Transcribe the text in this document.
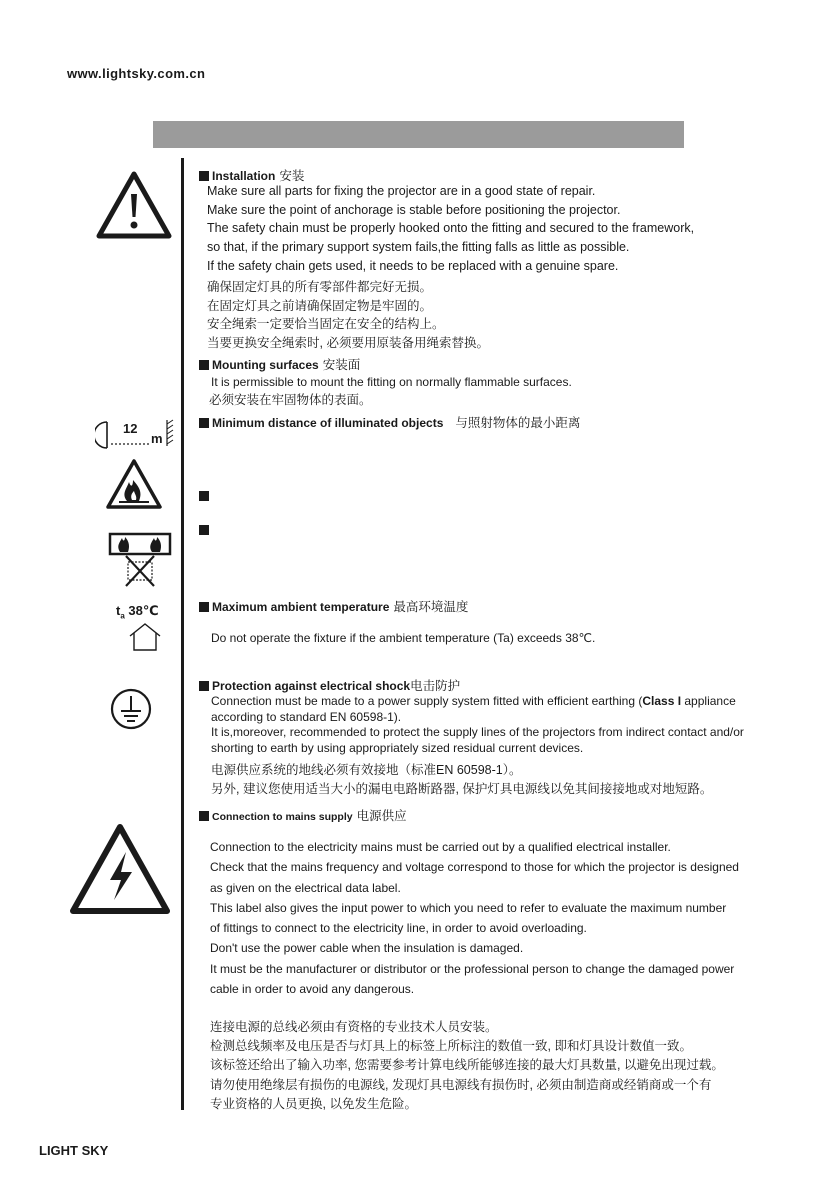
www.lightsky.com.cn
LIGHT SKY
12
m
$t_a$ 38℃
Installation 安装
Make sure all parts for fixing the projector are in a good state of repair.
Make sure the point of anchorage is stable before positioning the projector.
The safety chain must be properly hooked onto the fitting and secured to the framework,
so that, if the primary support system fails,the fitting falls as little as possible.
If the safety chain gets used, it needs to be replaced with a genuine spare.
确保固定灯具的所有零部件都完好无损。
在固定灯具之前请确保固定物是牢固的。
安全绳索一定要恰当固定在安全的结构上。
当要更换安全绳索时, 必须要用原装备用绳索替换。
Mounting surfaces 安装面
It is permissible to mount the fitting on normally flammable surfaces.
必须安装在牢固物体的表面。
Minimum distance of illuminated objects 与照射物体的最小距离
Maximum ambient temperature 最高环境温度
Do not operate the fixture if the ambient temperature (Ta) exceeds 38℃.
Protection against electrical shock电击防护
Connection must be made to a power supply system fitted with efficient earthing (Class I appliance
according to standard EN 60598-1).
It is,moreover, recommended to protect the supply lines of the projectors from indirect contact and/or
shorting to earth by using appropriately sized residual current devices.
电源供应系统的地线必须有效接地（标准EN 60598-1）。
另外, 建议您使用适当大小的漏电电路断路器, 保护灯具电源线以免其间接接地或对地短路。
Connection to mains supply 电源供应
Connection to the electricity mains must be carried out by a qualified electrical installer.
Check that the mains frequency and voltage correspond to those for which the projector is designed
as given on the electrical data label.
This label also gives the input power to which you need to refer to evaluate the maximum number
of fittings to connect to the electricity line, in order to avoid overloading.
Don't use the power cable when the insulation is damaged.
It must be the manufacturer or distributor or the professional person to change the damaged power
cable in order to avoid any dangerous.
连接电源的总线必须由有资格的专业技术人员安装。
检测总线频率及电压是否与灯具上的标签上所标注的数值一致, 即和灯具设计数值一致。
该标签还给出了输入功率, 您需要参考计算电线所能够连接的最大灯具数量, 以避免出现过载。
请勿使用绝缘层有损伤的电源线, 发现灯具电源线有损伤时, 必须由制造商或经销商或一个有
专业资格的人员更换, 以免发生危险。
